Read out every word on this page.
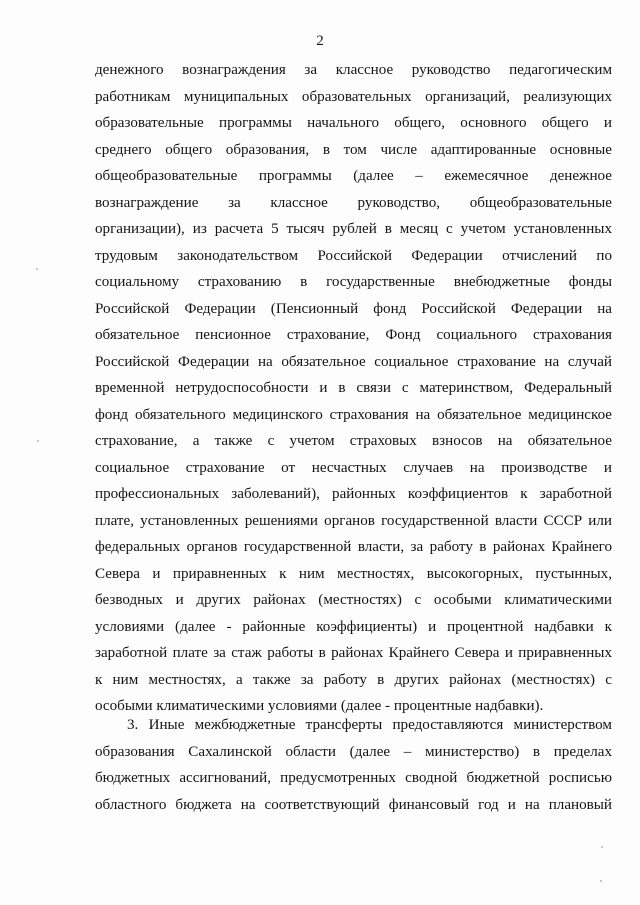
2
денежного вознаграждения за классное руководство педагогическим
работникам муниципальных образовательных организаций, реализующих
образовательные программы начального общего, основного общего и
среднего общего образования, в том числе адаптированные основные
общеобразовательные программы (далее – ежемесячное денежное
вознаграждение за классное руководство, общеобразовательные
организации), из расчета 5 тысяч рублей в месяц с учетом установленных
трудовым законодательством Российской Федерации отчислений по
социальному страхованию в государственные внебюджетные фонды
Российской Федерации (Пенсионный фонд Российской Федерации на
обязательное пенсионное страхование, Фонд социального страхования
Российской Федерации на обязательное социальное страхование на случай
временной нетрудоспособности и в связи с материнством, Федеральный
фонд обязательного медицинского страхования на обязательное медицинское
страхование, а также с учетом страховых взносов на обязательное
социальное страхование от несчастных случаев на производстве и
профессиональных заболеваний), районных коэффициентов к заработной
плате, установленных решениями органов государственной власти СССР или
федеральных органов государственной власти, за работу в районах Крайнего
Севера и приравненных к ним местностях, высокогорных, пустынных,
безводных и других районах (местностях) с особыми климатическими
условиями (далее - районные коэффициенты) и процентной надбавки к
заработной плате за стаж работы в районах Крайнего Севера и приравненных
к ним местностях, а также за работу в других районах (местностях) с
особыми климатическими условиями (далее - процентные надбавки).
3. Иные межбюджетные трансферты предоставляются министерством
образования Сахалинской области (далее – министерство) в пределах
бюджетных ассигнований, предусмотренных сводной бюджетной росписью
областного бюджета на соответствующий финансовый год и на плановый
